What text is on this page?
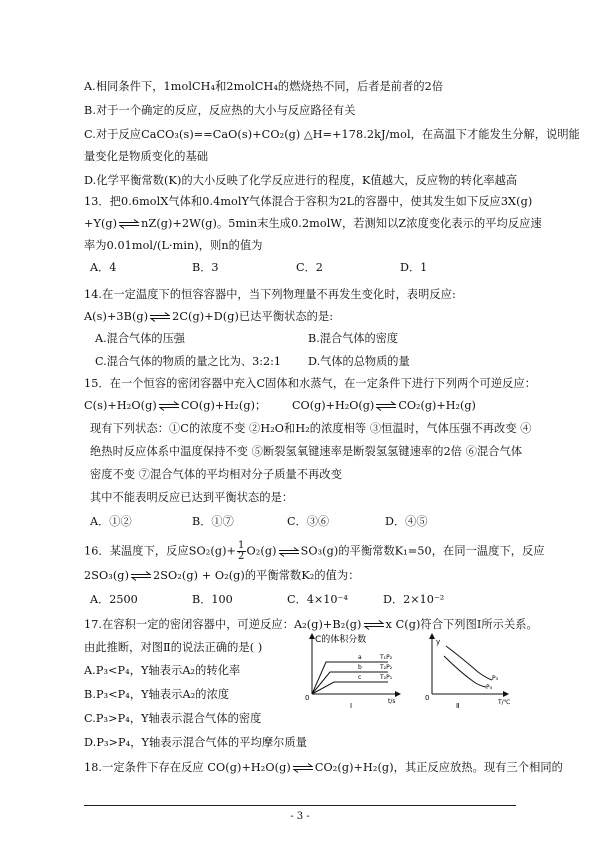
A.相同条件下，1molCH₄和2molCH₄的燃烧热不同，后者是前者的2倍
B.对于一个确定的反应，反应热的大小与反应路径有关
C.对于反应CaCO₃(s)==CaO(s)+CO₂(g) △H=+178.2kJ/mol，在高温下才能发生分解，说明能
量变化是物质变化的基础
D.化学平衡常数(K)的大小反映了化学反应进行的程度，K值越大，反应物的转化率越高
13．把0.6molX气体和0.4molY气体混合于容积为2L的容器中，使其发生如下反应3X(g)
+Y(g)⇌nZ(g)+2W(g)。5min末生成0.2molW，若测知以Z浓度变化表示的平均反应速
率为0.01mol/(L·min)，则n的值为
A．4	B．3	C．2	D．1
14.在一定温度下的恒容容器中，当下列物理量不再发生变化时，表明反应:
A(s)+3B(g)⇌2C(g)+D(g)已达平衡状态的是:
A.混合气体的压强	B.混合气体的密度
C.混合气体的物质的量之比为、3:2:1 D.气体的总物质的量
15．在一个恒容的密闭容器中充入C固体和水蒸气，在一定条件下进行下列两个可逆反应：
C(s)+H₂O(g)⇌CO(g)+H₂(g)； CO(g)+H₂O(g)⇌CO₂(g)+H₂(g)
现有下列状态：①C的浓度不变 ②H₂O和H₂的浓度相等 ③恒温时，气体压强不再改变 ④
绝热时反应体系中温度保持不变 ⑤断裂氢氧键速率是断裂氢氢键速率的2倍 ⑥混合气体
密度不变 ⑦混合气体的平均相对分子质量不再改变
其中不能表明反应已达到平衡状态的是：
A．①②	B．①⑦	C．③⑥	D．④⑤
16．某温度下，反应$SO_2(g)+ \frac{1}{2}$ O₂(g)⇌SO₃(g)的平衡常数K₁=50，在同一温度下，反应
2SO₃(g)⇌2SO₂(g) + O₂(g)的平衡常数K₂的值为：
A．2500	B．100	C．4×10⁻⁴	D．2×10⁻²
17.在容积一定的密闭容器中，可逆反应：A₂(g)+B₂(g)⇌x C(g)符合下列图Ⅰ所示关系。
由此推断，对图Ⅱ的说法正确的是( )
A.P₃<P₄，Y轴表示A₂的转化率
B.P₃<P₄，Y轴表示A₂的浓度
C.P₃>P₄，Y轴表示混合气体的密度
D.P₃>P₄，Y轴表示混合气体的平均摩尔质量
C的体积分数
a
b
c
T₁P₂
T₂P₂
T₂P₁
0	t/s
I
y
P₃
P₄
0
T/℃
Ⅱ
18.一定条件下存在反应 CO(g)+H₂O(g)⇌CO₂(g)+H₂(g)，其正反应放热。现有三个相同的
- 3 -
